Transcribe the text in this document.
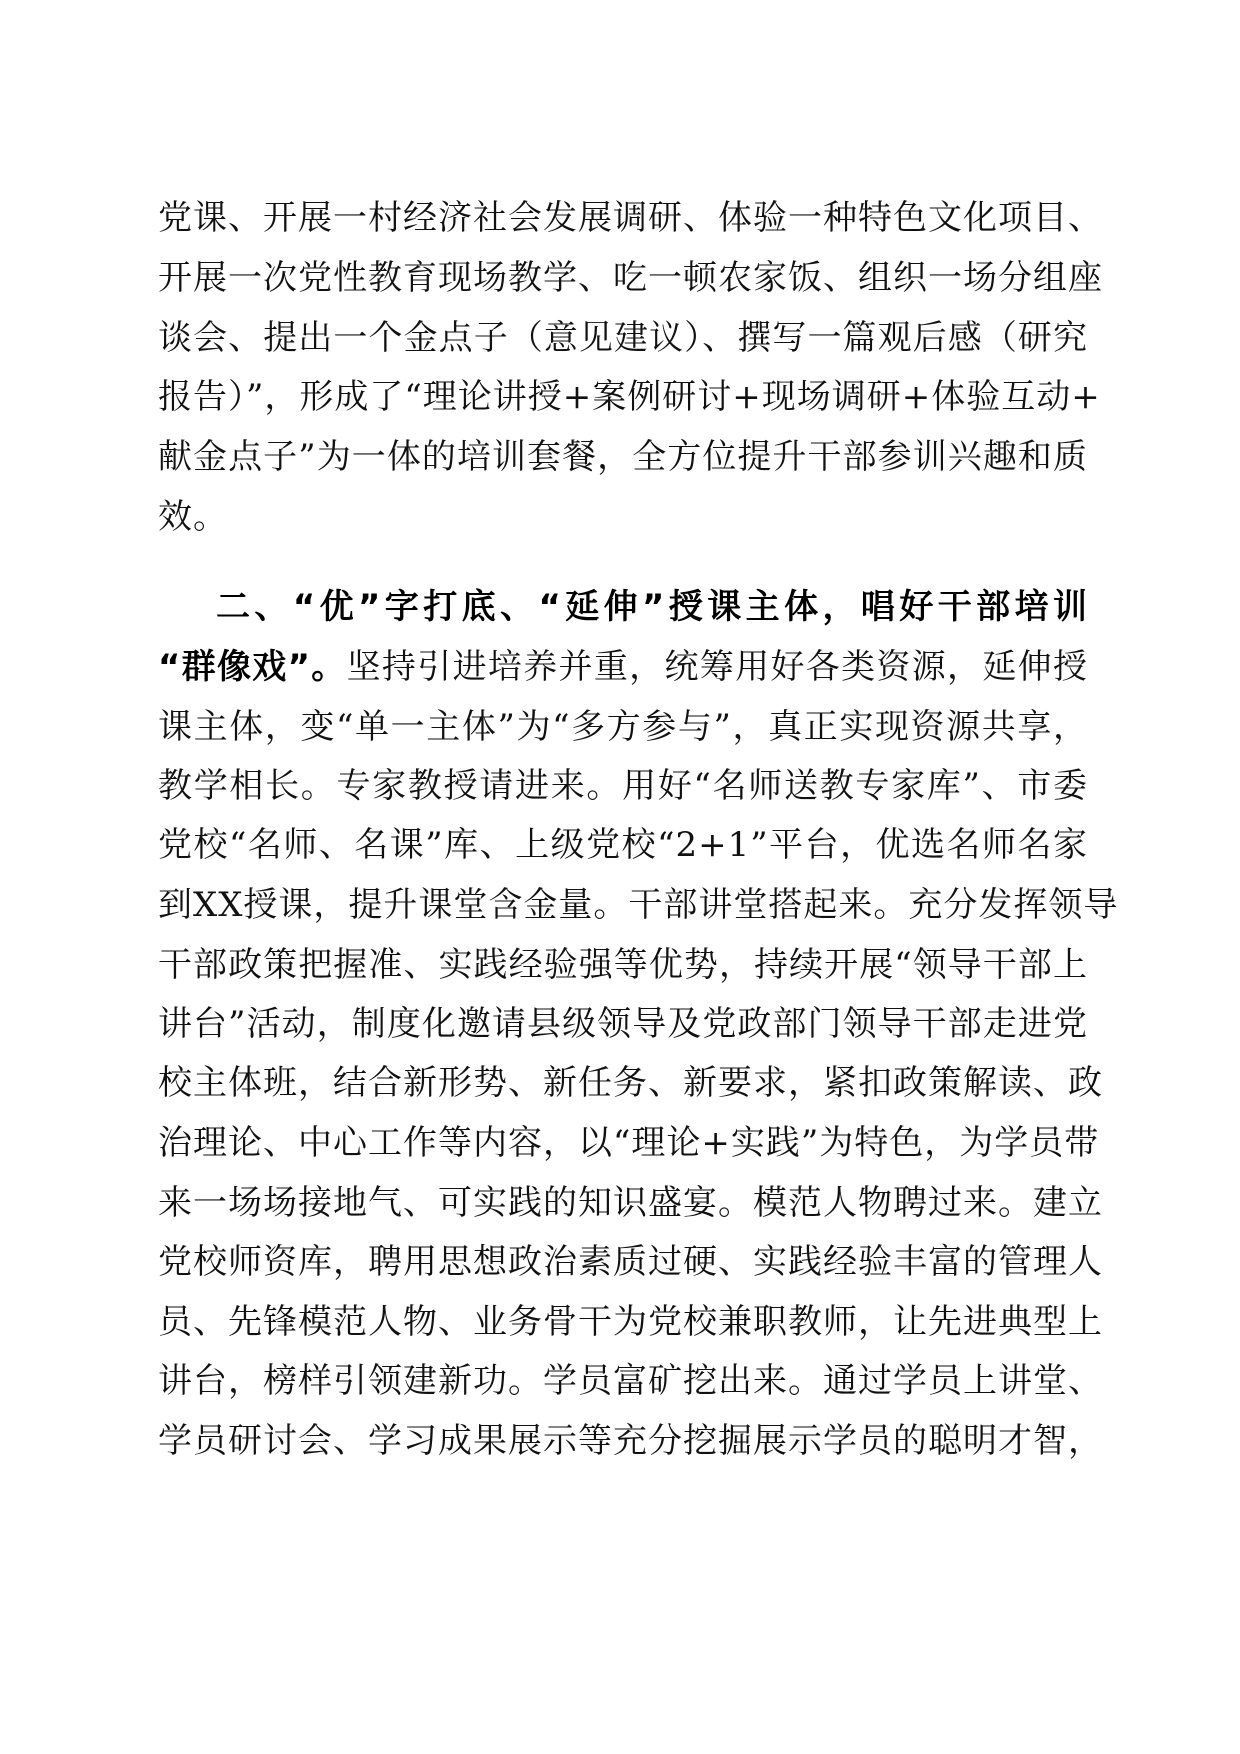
党课、开展一村经济社会发展调研、体验一种特色文化项目、
开展一次党性教育现场教学、吃一顿农家饭、组织一场分组座
谈会、提出一个金点子（意见建议）、撰写一篇观后感（研究
报告）”，形成了“理论讲授+案例研讨+现场调研+体验互动+
献金点子”为一体的培训套餐，全方位提升干部参训兴趣和质
效。
二、“优”字打底、“延伸”授课主体，唱好干部培训
“群像戏”。坚持引进培养并重，统筹用好各类资源，延伸授
课主体，变“单一主体”为“多方参与”，真正实现资源共享，
教学相长。专家教授请进来。用好“名师送教专家库”、市委
党校“名师、名课”库、上级党校“2+1”平台，优选名师名家
到XX授课，提升课堂含金量。干部讲堂搭起来。充分发挥领导
干部政策把握准、实践经验强等优势，持续开展“领导干部上
讲台”活动，制度化邀请县级领导及党政部门领导干部走进党
校主体班，结合新形势、新任务、新要求，紧扣政策解读、政
治理论、中心工作等内容，以“理论+实践”为特色，为学员带
来一场场接地气、可实践的知识盛宴。模范人物聘过来。建立
党校师资库，聘用思想政治素质过硬、实践经验丰富的管理人
员、先锋模范人物、业务骨干为党校兼职教师，让先进典型上
讲台，榜样引领建新功。学员富矿挖出来。通过学员上讲堂、
学员研讨会、学习成果展示等充分挖掘展示学员的聪明才智，
